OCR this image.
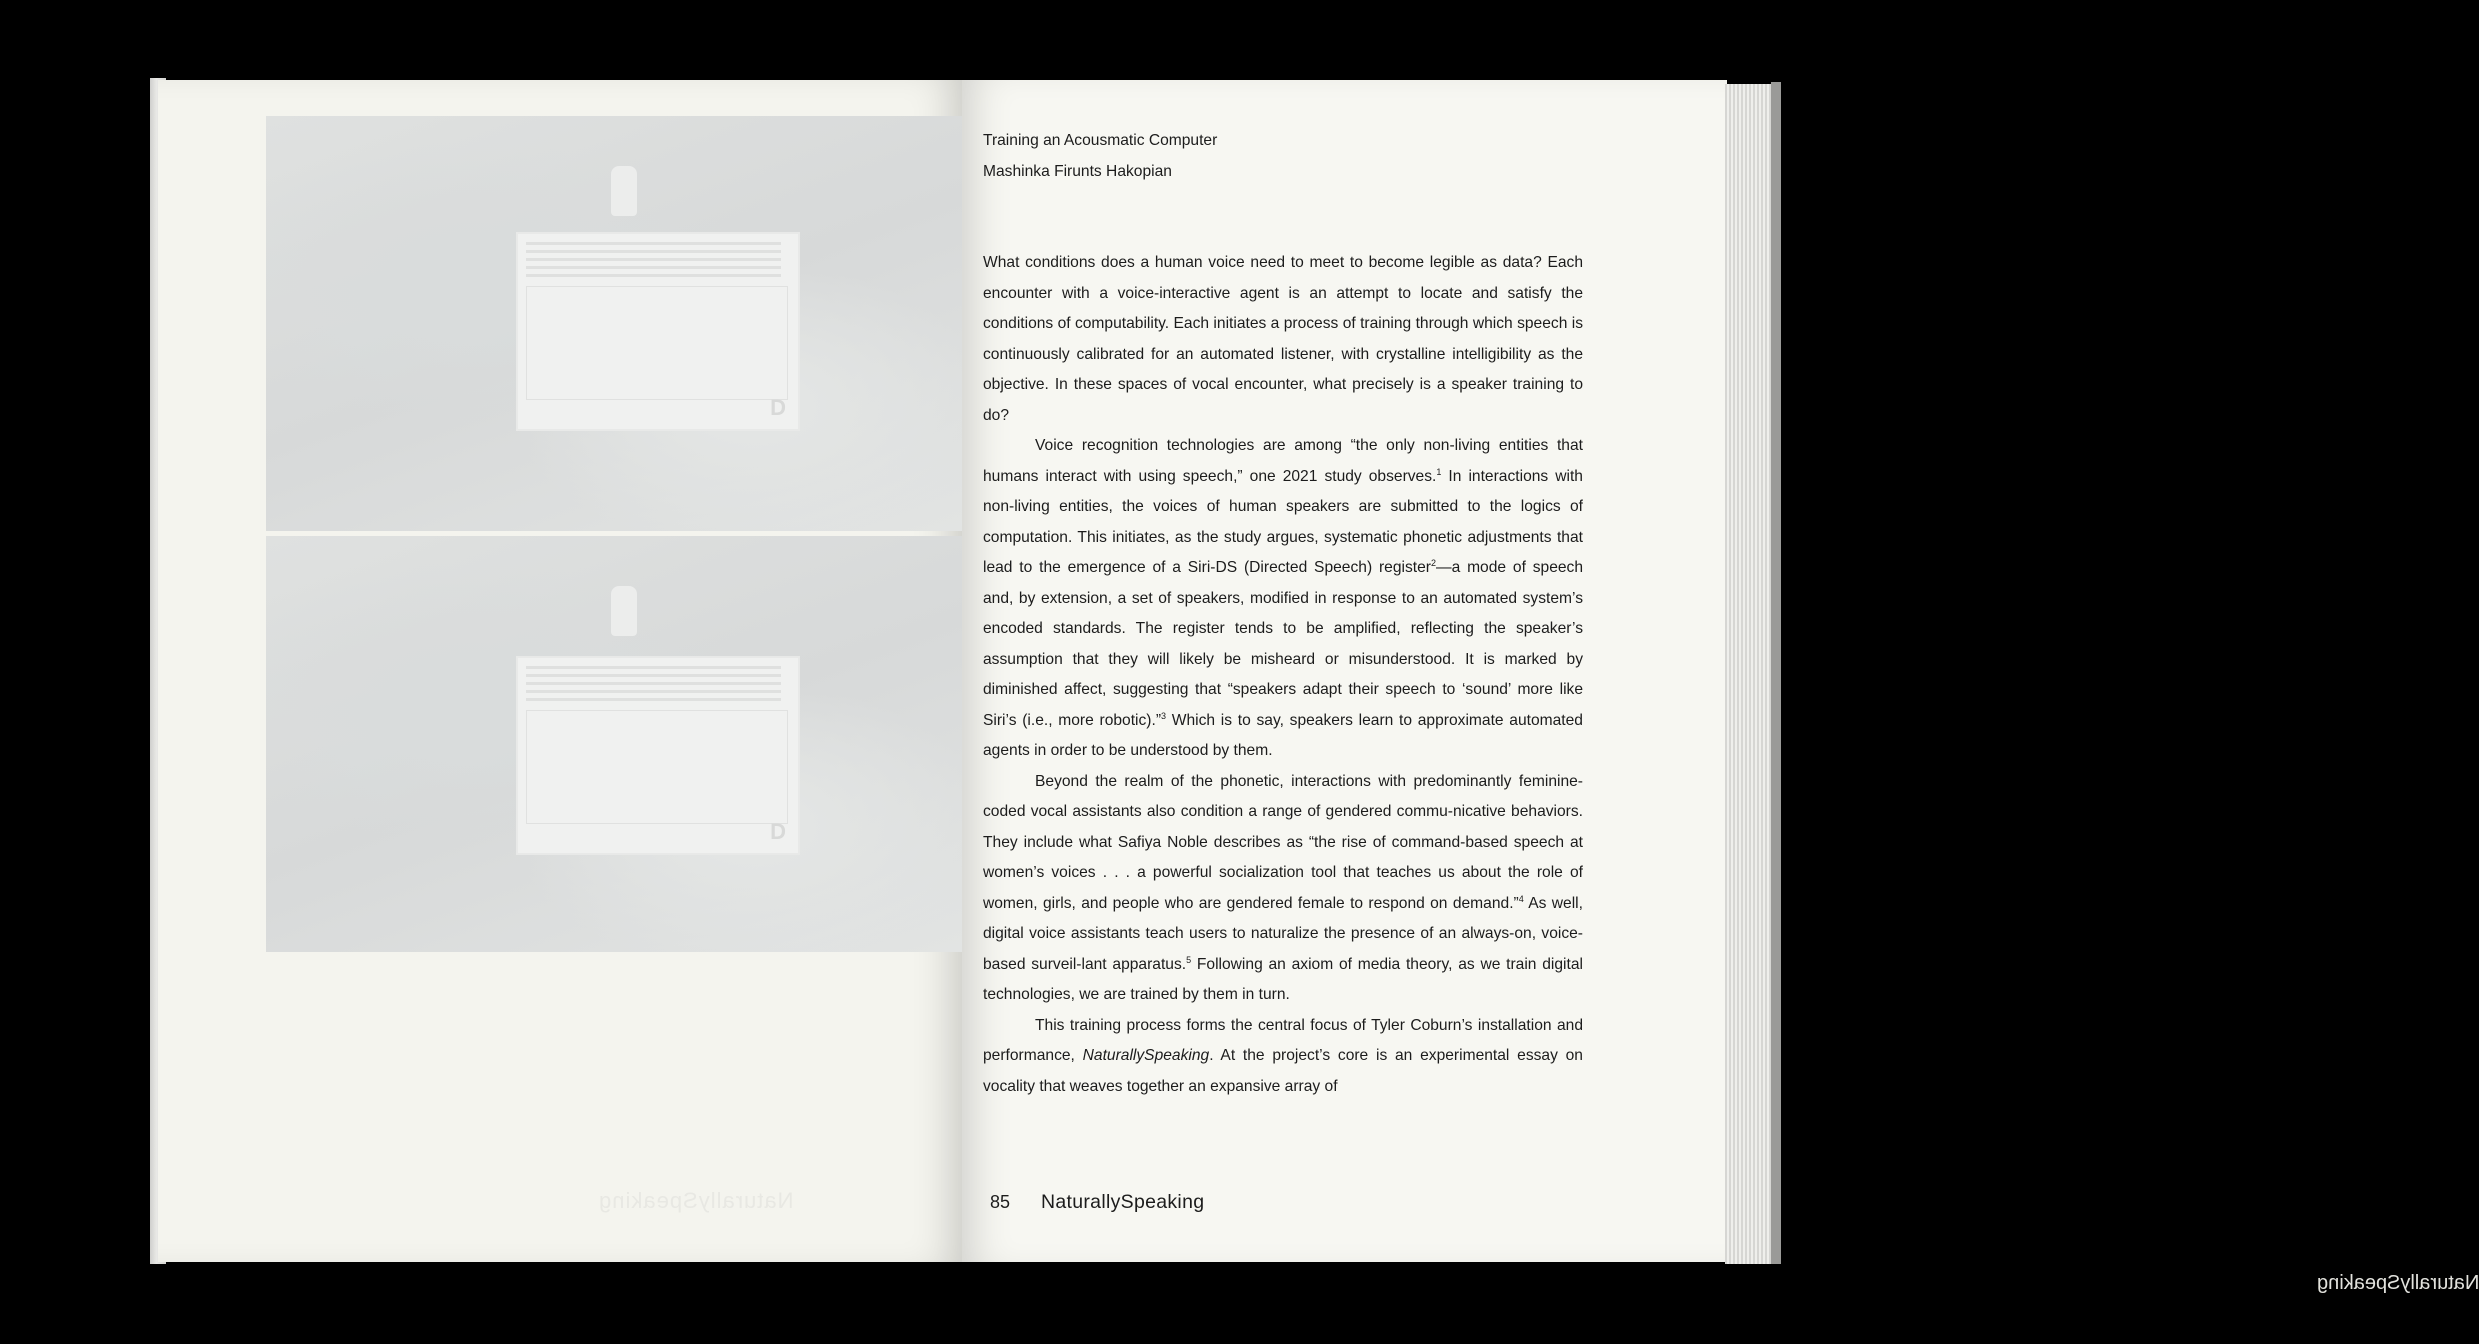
D
D
NaturallySpeaking
NaturallySpeaking
Training an Acousmatic Computer
Mashinka Firunts Hakopian

What conditions does a human voice need to meet to become legible as data? Each encounter with a voice-interactive agent is an attempt to locate and satisfy the conditions of computability. Each initiates a process of training through which speech is continuously calibrated for an automated listener, with crystalline intelligibility as the objective. In these spaces of vocal encounter, what precisely is a speaker training to do?

Voice recognition technologies are among “the only non-living entities that humans interact with using speech,” one 2021 study observes.$^1$ In interactions with non-living entities, the voices of human speakers are submitted to the logics of computation. This initiates, as the study argues, systematic phonetic adjustments that lead to the emergence of a Siri-DS (Directed Speech) register$^2$—a mode of speech and, by extension, a set of speakers, modified in response to an automated system’s encoded standards. The register tends to be amplified, reflecting the speaker’s assumption that they will likely be misheard or misunderstood. It is marked by diminished affect, suggesting that “speakers adapt their speech to ‘sound’ more like Siri’s (i.e., more robotic).”$^3$ Which is to say, speakers learn to approximate automated agents in order to be understood by them.

Beyond the realm of the phonetic, interactions with predominantly feminine-coded vocal assistants also condition a range of gendered commu-nicative behaviors. They include what Safiya Noble describes as “the rise of command-based speech at women’s voices . . . a powerful socialization tool that teaches us about the role of women, girls, and people who are gendered female to respond on demand.”$^4$ As well, digital voice assistants teach users to naturalize the presence of an always-on, voice-based surveil-lant apparatus.$^5$ Following an axiom of media theory, as we train digital technologies, we are trained by them in turn.

This training process forms the central focus of Tyler Coburn’s installation and performance, NaturallySpeaking. At the project’s core is an experimental essay on vocality that weaves together an expansive array of

85 NaturallySpeaking
